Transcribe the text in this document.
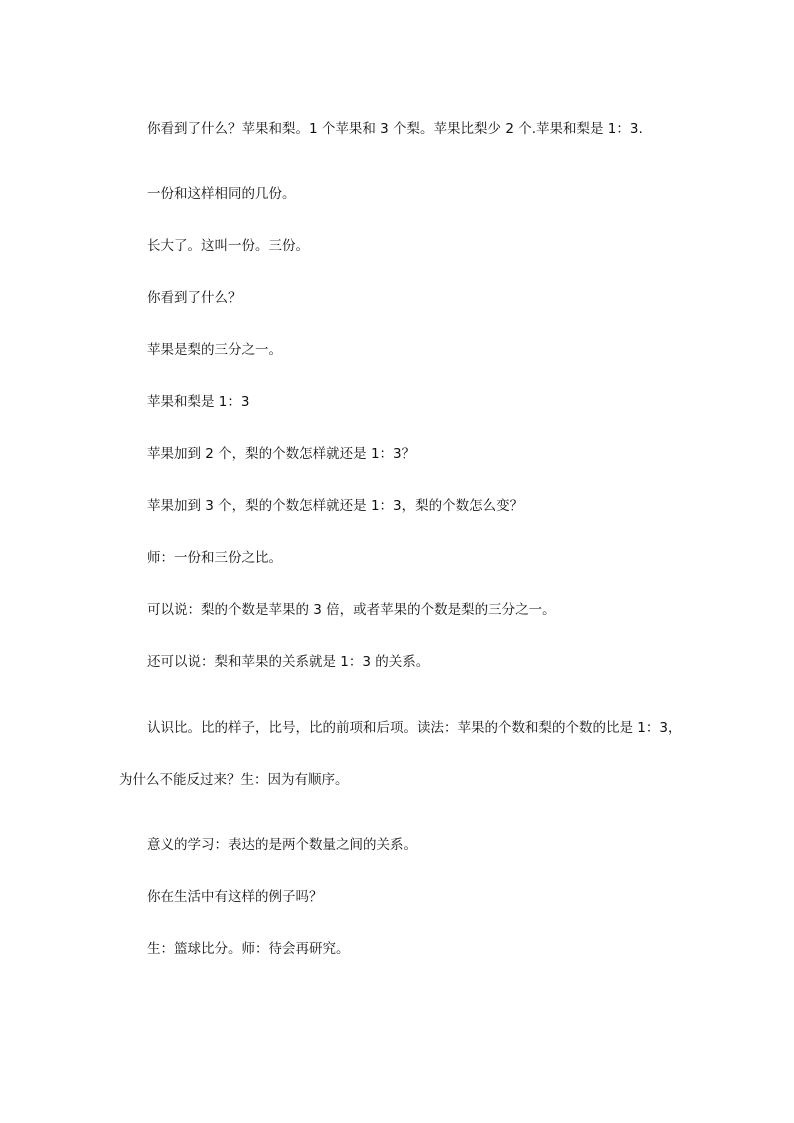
你看到了什么？苹果和梨。1 个苹果和 3 个梨。苹果比梨少 2 个.苹果和梨是 1：3.

一份和这样相同的几份。

长大了。这叫一份。三份。

你看到了什么？

苹果是梨的三分之一。

苹果和梨是 1：3

苹果加到 2 个，梨的个数怎样就还是 1：3？

苹果加到 3 个，梨的个数怎样就还是 1：3，梨的个数怎么变？

师：一份和三份之比。

可以说：梨的个数是苹果的 3 倍，或者苹果的个数是梨的三分之一。

还可以说：梨和苹果的关系就是 1：3 的关系。

认识比。比的样子，比号，比的前项和后项。读法：苹果的个数和梨的个数的比是 1：3，为什么不能反过来？生：因为有顺序。

意义的学习：表达的是两个数量之间的关系。

你在生活中有这样的例子吗？

生：篮球比分。师：待会再研究。
